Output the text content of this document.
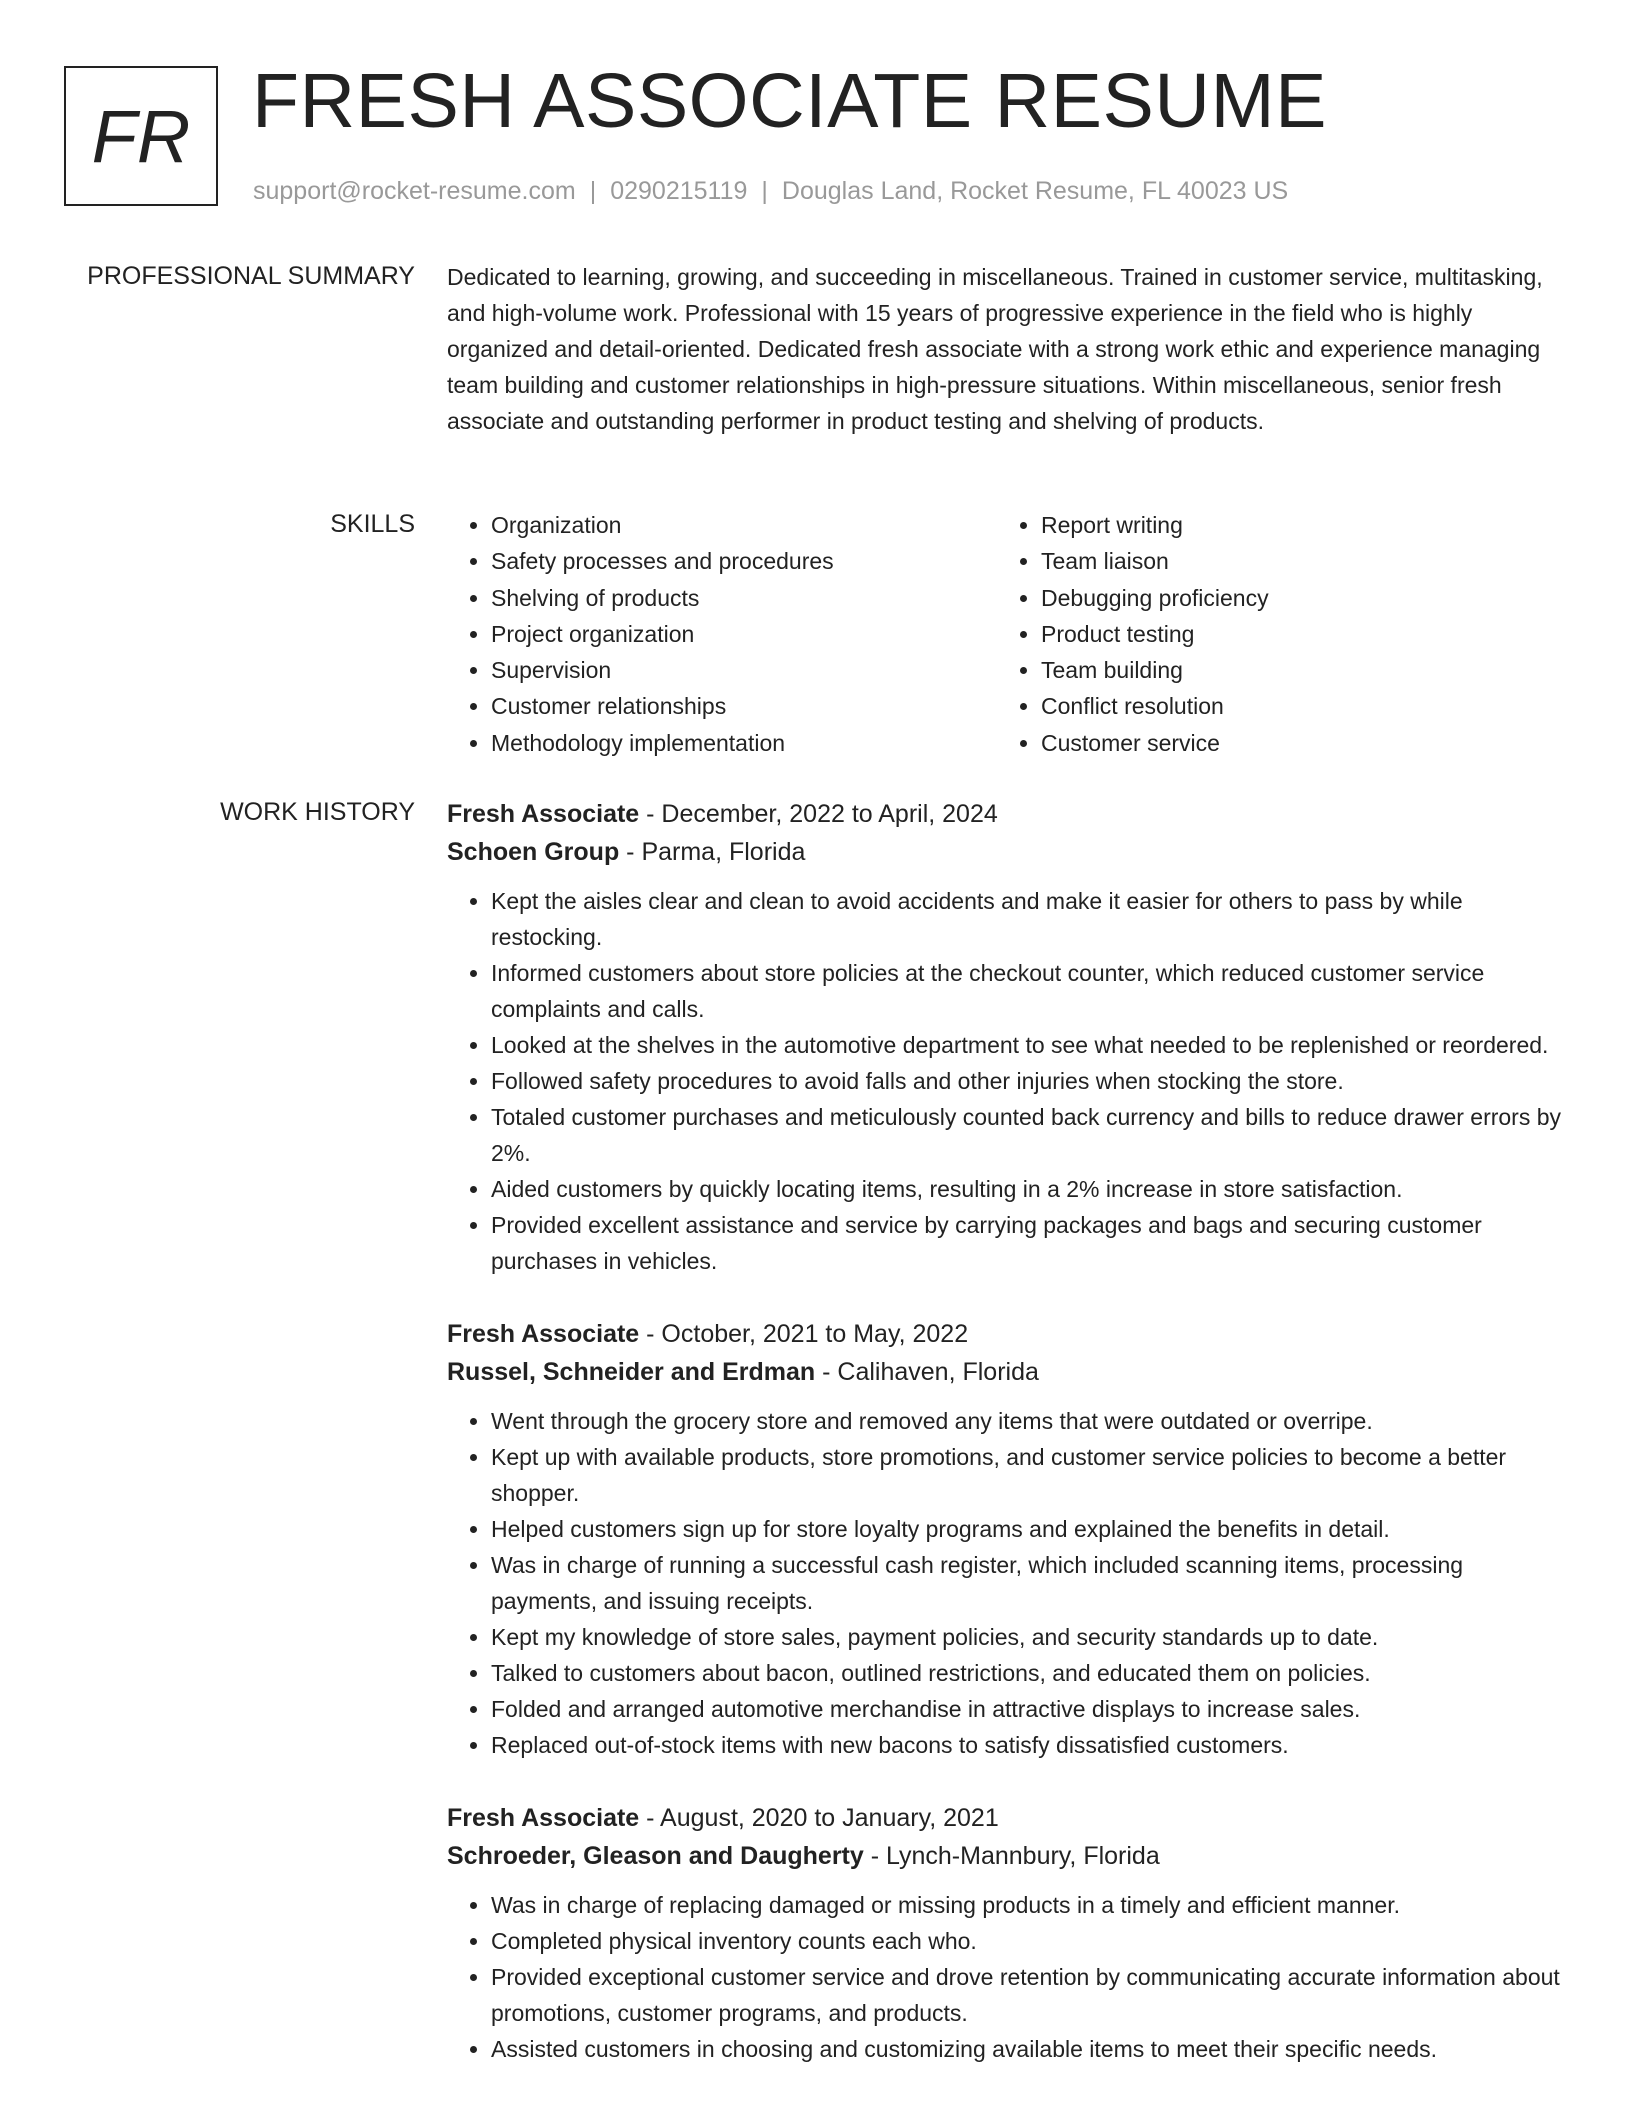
FR FRESH ASSOCIATE RESUME
support@rocket-resume.com | 0290215119 | Douglas Land, Rocket Resume, FL 40023 US
PROFESSIONAL SUMMARY Dedicated to learning, growing, and succeeding in miscellaneous. Trained in customer service, multitasking, and high-volume work. Professional with 15 years of progressive experience in the field who is highly organized and detail-oriented. Dedicated fresh associate with a strong work ethic and experience managing team building and customer relationships in high-pressure situations. Within miscellaneous, senior fresh associate and outstanding performer in product testing and shelving of products.

SKILLS
•	Organization
• Safety processes and procedures
• Shelving of products
• Project organization
• Supervision
• Customer relationships
• Methodology implementation
• Report writing
• Team liaison
• Debugging proficiency
• Product testing
• Team building
• Conflict resolution
• Customer service
WORK HISTORY Fresh Associate - December, 2022 to April, 2024
Schoen Group - Parma, Florida
• Kept the aisles clear and clean to avoid accidents and make it easier for others to pass by while restocking.
• Informed customers about store policies at the checkout counter, which reduced customer service complaints and calls.
• Looked at the shelves in the automotive department to see what needed to be replenished or reordered.
• Followed safety procedures to avoid falls and other injuries when stocking the store.
• Totaled customer purchases and meticulously counted back currency and bills to reduce drawer errors by 2%.
• Aided customers by quickly locating items, resulting in a 2% increase in store satisfaction.
• Provided excellent assistance and service by carrying packages and bags and securing customer purchases in vehicles.
Fresh Associate - October, 2021 to May, 2022
Russel, Schneider and Erdman - Calihaven, Florida
• Went through the grocery store and removed any items that were outdated or overripe.
• Kept up with available products, store promotions, and customer service policies to become a better shopper.
• Helped customers sign up for store loyalty programs and explained the benefits in detail.
• Was in charge of running a successful cash register, which included scanning items, processing payments, and issuing receipts.
• Kept my knowledge of store sales, payment policies, and security standards up to date.
• Talked to customers about bacon, outlined restrictions, and educated them on policies.
• Folded and arranged automotive merchandise in attractive displays to increase sales.
• Replaced out-of-stock items with new bacons to satisfy dissatisfied customers.
Fresh Associate - August, 2020 to January, 2021
Schroeder, Gleason and Daugherty - Lynch-Mannbury, Florida
• Was in charge of replacing damaged or missing products in a timely and efficient manner.
• Completed physical inventory counts each who.
• Provided exceptional customer service and drove retention by communicating accurate information about promotions, customer programs, and products.
• Assisted customers in choosing and customizing available items to meet their specific needs.
